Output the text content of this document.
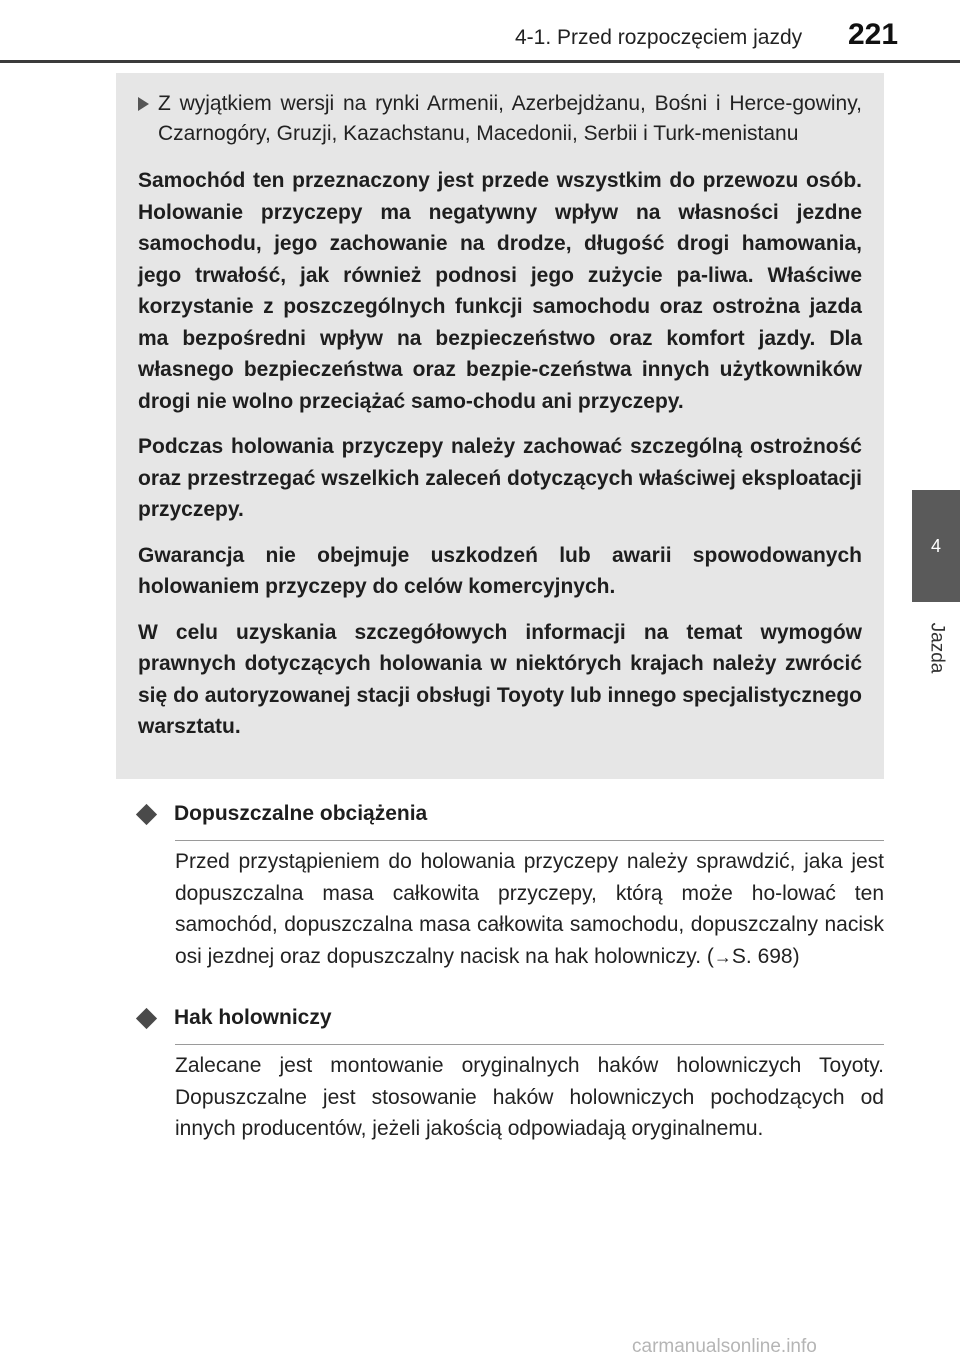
4-1. Przed rozpoczęciem jazdy 221
4
Jazda
Z wyjątkiem wersji na rynki Armenii, Azerbejdżanu, Bośni i Herce-gowiny, Czarnogóry, Gruzji, Kazachstanu, Macedonii, Serbii i Turk-menistanu

Samochód ten przeznaczony jest przede wszystkim do przewozu osób. Holowanie przyczepy ma negatywny wpływ na własności jezdne samochodu, jego zachowanie na drodze, długość drogi hamowania, jego trwałość, jak również podnosi jego zużycie pa-liwa. Właściwe korzystanie z poszczególnych funkcji samochodu oraz ostrożna jazda ma bezpośredni wpływ na bezpieczeństwo oraz komfort jazdy. Dla własnego bezpieczeństwa oraz bezpie-czeństwa innych użytkowników drogi nie wolno przeciążać samo-chodu ani przyczepy.

Podczas holowania przyczepy należy zachować szczególną ostrożność oraz przestrzegać wszelkich zaleceń dotyczących właściwej eksploatacji przyczepy.

Gwarancja nie obejmuje uszkodzeń lub awarii spowodowanych holowaniem przyczepy do celów komercyjnych.

W celu uzyskania szczegółowych informacji na temat wymogów prawnych dotyczących holowania w niektórych krajach należy zwrócić się do autoryzowanej stacji obsługi Toyoty lub innego specjalistycznego warsztatu.

Dopuszczalne obciążenia

Przed przystąpieniem do holowania przyczepy należy sprawdzić, jaka jest dopuszczalna masa całkowita przyczepy, którą może ho-lować ten samochód, dopuszczalna masa całkowita samochodu, dopuszczalny nacisk osi jezdnej oraz dopuszczalny nacisk na hak holowniczy. (→S. 698)

Hak holowniczy

Zalecane jest montowanie oryginalnych haków holowniczych Toyoty. Dopuszczalne jest stosowanie haków holowniczych pochodzących od innych producentów, jeżeli jakością odpowiadają oryginalnemu.

carmanualsonline.info
